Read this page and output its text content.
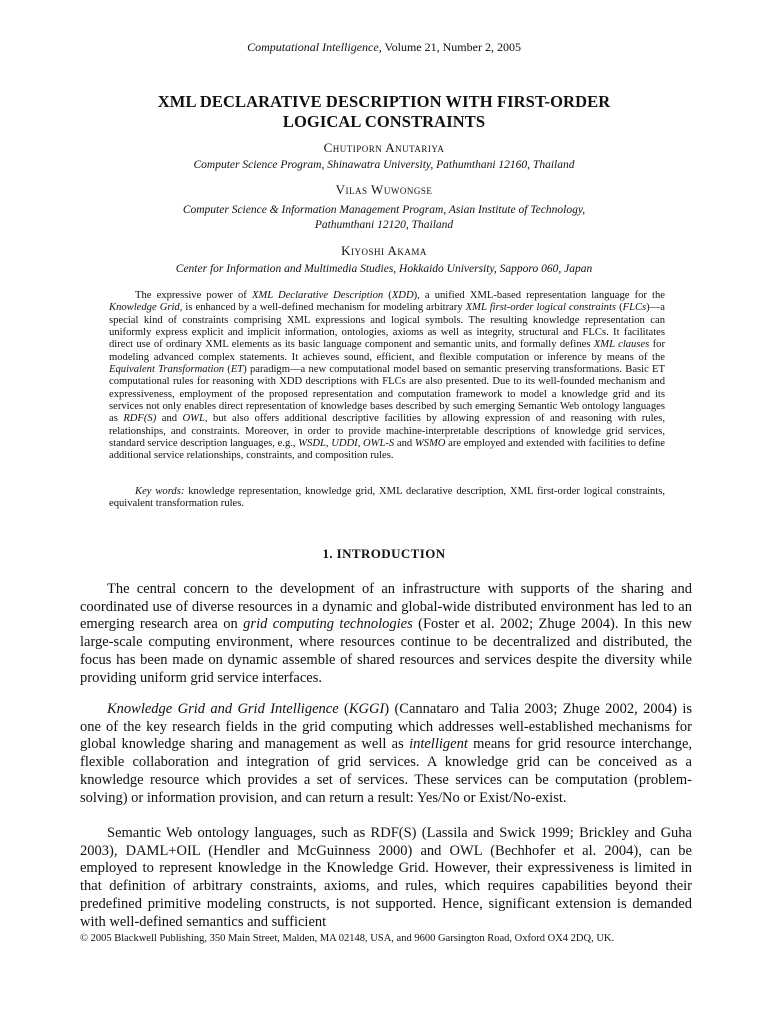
Computational Intelligence, Volume 21, Number 2, 2005
XML DECLARATIVE DESCRIPTION WITH FIRST-ORDER
LOGICAL CONSTRAINTS
Chutiporn Anutariya
Computer Science Program, Shinawatra University, Pathumthani 12160, Thailand
Vilas Wuwongse
Computer Science & Information Management Program, Asian Institute of Technology,
Pathumthani 12120, Thailand
Kiyoshi Akama
Center for Information and Multimedia Studies, Hokkaido University, Sapporo 060, Japan

The expressive power of XML Declarative Description (XDD), a unified XML-based representation language for the Knowledge Grid, is enhanced by a well-defined mechanism for modeling arbitrary XML first-order logical constraints (FLCs)—a special kind of constraints comprising XML expressions and logical symbols. The resulting knowledge representation can uniformly express explicit and implicit information, ontologies, axioms as well as integrity, structural and FLCs. It facilitates direct use of ordinary XML elements as its basic language component and semantic units, and formally defines XML clauses for modeling advanced complex statements. It achieves sound, efficient, and flexible computation or inference by means of the Equivalent Transformation (ET) paradigm—a new computational model based on semantic preserving transformations. Basic ET computational rules for reasoning with XDD descriptions with FLCs are also presented. Due to its well-founded mechanism and expressiveness, employment of the proposed representation and computation framework to model a knowledge grid and its services not only enables direct representation of knowledge bases described by such emerging Semantic Web ontology languages as RDF(S) and OWL, but also offers additional descriptive facilities by allowing expression of and reasoning with rules, relationships, and constraints. Moreover, in order to provide machine-interpretable descriptions of knowledge grid services, standard service description languages, e.g., WSDL, UDDI, OWL-S and WSMO are employed and extended with facilities to define additional service relationships, constraints, and composition rules.

Key words: knowledge representation, knowledge grid, XML declarative description, XML first-order logical constraints, equivalent transformation rules.

1. INTRODUCTION

The central concern to the development of an infrastructure with supports of the sharing and coordinated use of diverse resources in a dynamic and global-wide distributed environment has led to an emerging research area on grid computing technologies (Foster et al. 2002; Zhuge 2004). In this new large-scale computing environment, where resources continue to be decentralized and distributed, the focus has been made on dynamic assemble of shared resources and services despite the diversity while providing uniform grid service interfaces.

Knowledge Grid and Grid Intelligence (KGGI) (Cannataro and Talia 2003; Zhuge 2002, 2004) is one of the key research fields in the grid computing which addresses well-established mechanisms for global knowledge sharing and management as well as intelligent means for grid resource interchange, flexible collaboration and integration of grid services. A knowledge grid can be conceived as a knowledge resource which provides a set of services. These services can be computation (problem-solving) or information provision, and can return a result: Yes/No or Exist/No-exist.

Semantic Web ontology languages, such as RDF(S) (Lassila and Swick 1999; Brickley and Guha 2003), DAML+OIL (Hendler and McGuinness 2000) and OWL (Bechhofer et al. 2004), can be employed to represent knowledge in the Knowledge Grid. However, their expressiveness is limited in that definition of arbitrary constraints, axioms, and rules, which requires capabilities beyond their predefined primitive modeling constructs, is not supported. Hence, significant extension is demanded with well-defined semantics and sufficient

© 2005 Blackwell Publishing, 350 Main Street, Malden, MA 02148, USA, and 9600 Garsington Road, Oxford OX4 2DQ, UK.
